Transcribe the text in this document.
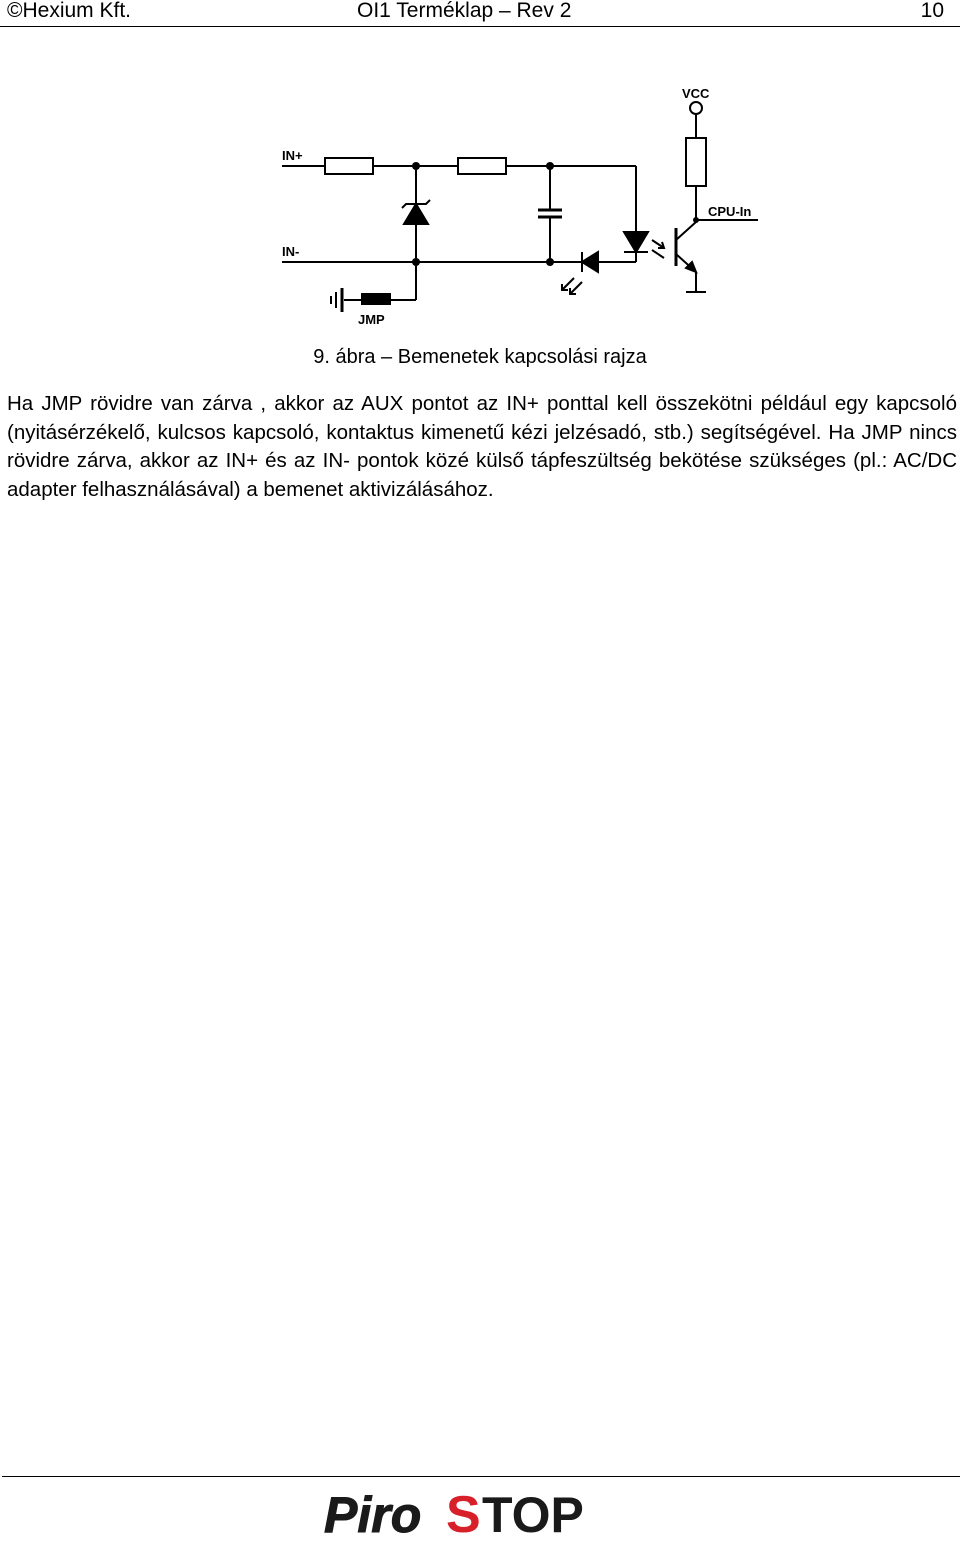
©Hexium Kft.	OI1 Terméklap – Rev 2	10
IN+
IN-
VCC
CPU-In
JMP
9. ábra – Bemenetek kapcsolási rajza
Ha JMP rövidre van zárva , akkor az AUX pontot az IN+ ponttal kell összekötni például egy kapcsoló (nyitásérzékelő, kulcsos kapcsoló, kontaktus kimenetű kézi jelzésadó, stb.) segítségével. Ha JMP nincs rövidre zárva, akkor az IN+ és az IN- pontok közé külső tápfeszültség bekötése szükséges (pl.: AC/DC adapter felhasználásával) a bemenet aktivizálásához.
Piro S TOP
